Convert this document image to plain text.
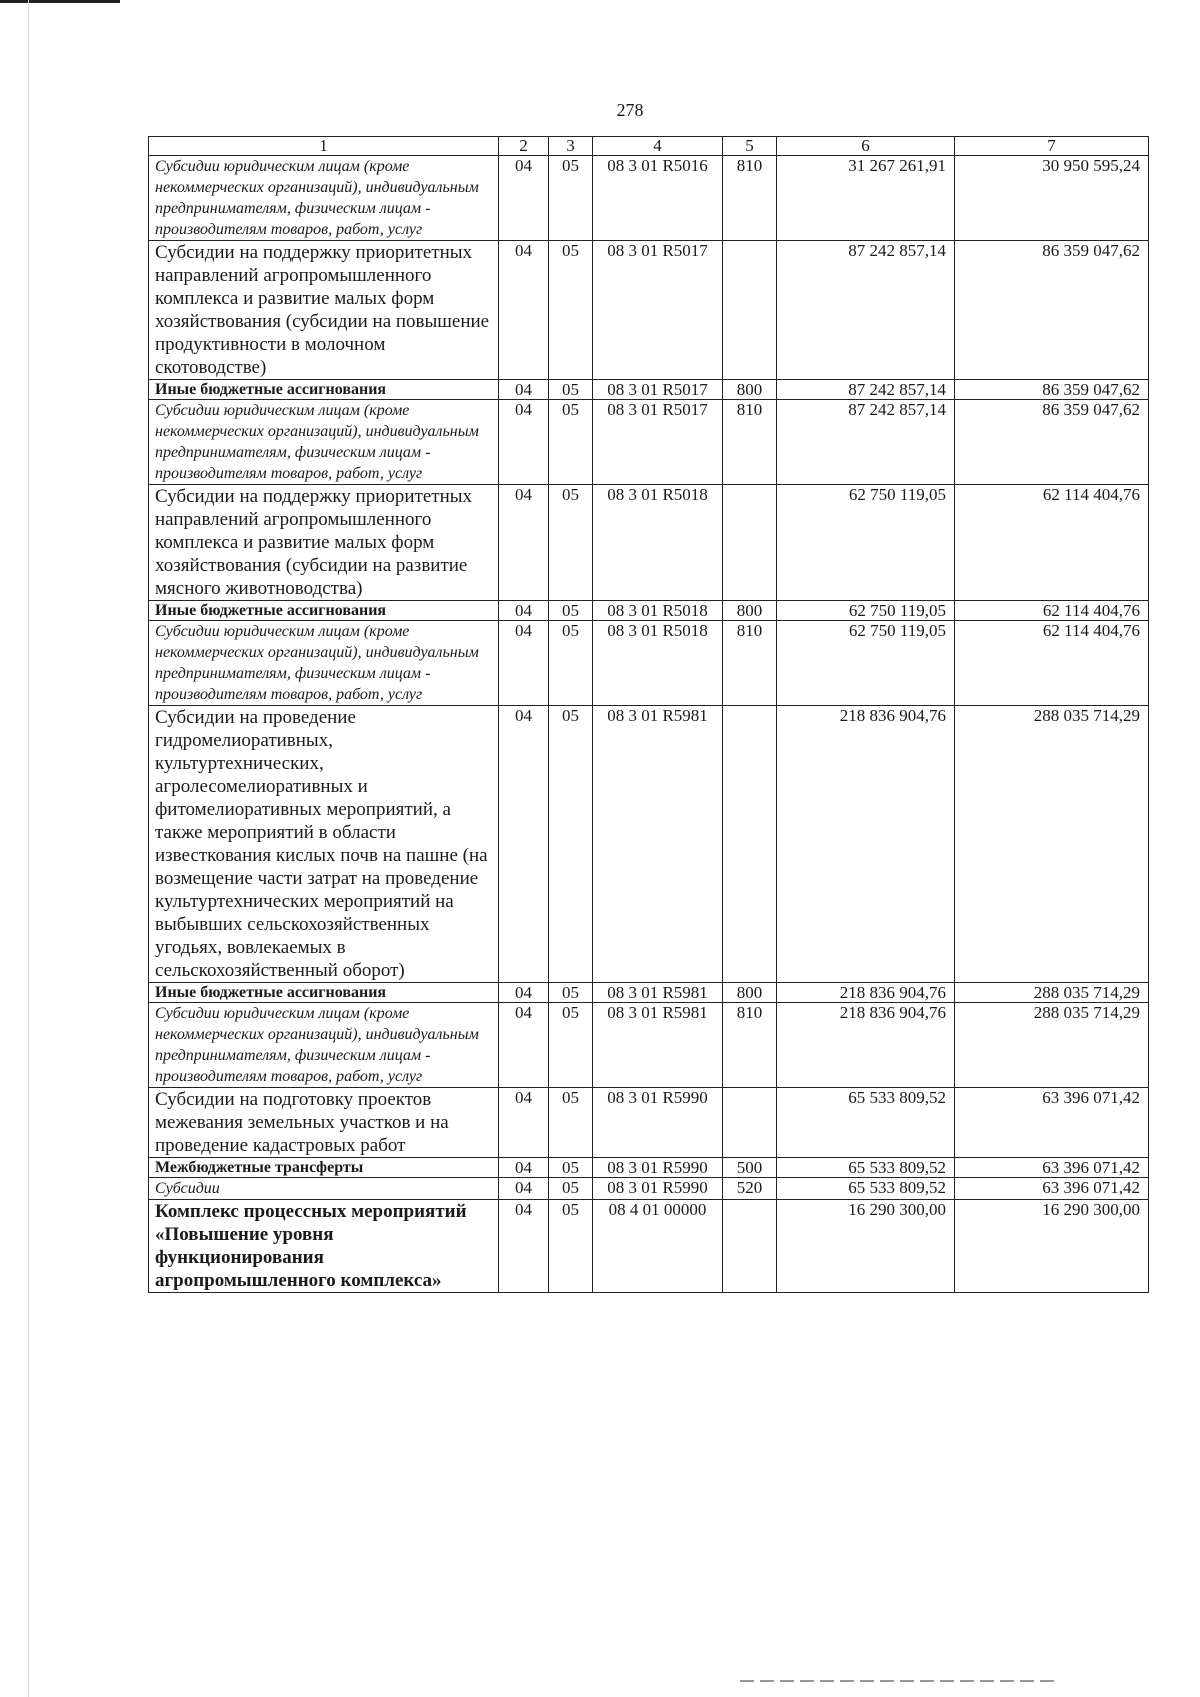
278
1	2	3	4	5	6	7
Субсидии юридическим лицам (кроме некоммерческих организаций), индивидуальным предпринимателям, физическим лицам - производителям товаров, работ, услуг	04	05	08 3 01 R5016	810	31 267 261,91	30 950 595,24
Субсидии на поддержку приоритетных направлений агропромышленного комплекса и развитие малых форм хозяйствования (субсидии на повышение продуктивности в молочном скотоводстве)	04	05	08 3 01 R5017		87 242 857,14	86 359 047,62
Иные бюджетные ассигнования	04	05	08 3 01 R5017	800	87 242 857,14	86 359 047,62
Субсидии юридическим лицам (кроме некоммерческих организаций), индивидуальным предпринимателям, физическим лицам - производителям товаров, работ, услуг	04	05	08 3 01 R5017	810	87 242 857,14	86 359 047,62
Субсидии на поддержку приоритетных направлений агропромышленного комплекса и развитие малых форм хозяйствования (субсидии на развитие мясного животноводства)	04	05	08 3 01 R5018		62 750 119,05	62 114 404,76
Иные бюджетные ассигнования	04	05	08 3 01 R5018	800	62 750 119,05	62 114 404,76
Субсидии юридическим лицам (кроме некоммерческих организаций), индивидуальным предпринимателям, физическим лицам - производителям товаров, работ, услуг	04	05	08 3 01 R5018	810	62 750 119,05	62 114 404,76
Субсидии на проведение гидромелиоративных, культуртехнических, агролесомелиоративных и фитомелиоративных мероприятий, а также мероприятий в области известкования кислых почв на пашне (на возмещение части затрат на проведение культуртехнических мероприятий на выбывших сельскохозяйственных угодьях, вовлекаемых в сельскохозяйственный оборот)	04	05	08 3 01 R5981		218 836 904,76	288 035 714,29
Иные бюджетные ассигнования	04	05	08 3 01 R5981	800	218 836 904,76	288 035 714,29
Субсидии юридическим лицам (кроме некоммерческих организаций), индивидуальным предпринимателям, физическим лицам - производителям товаров, работ, услуг	04	05	08 3 01 R5981	810	218 836 904,76	288 035 714,29
Субсидии на подготовку проектов межевания земельных участков и на проведение кадастровых работ	04	05	08 3 01 R5990		65 533 809,52	63 396 071,42
Межбюджетные трансферты	04	05	08 3 01 R5990	500	65 533 809,52	63 396 071,42
Субсидии	04	05	08 3 01 R5990	520	65 533 809,52	63 396 071,42
Комплекс процессных мероприятий «Повышение уровня функционирования агропромышленного комплекса»	04	05	08 4 01 00000		16 290 300,00	16 290 300,00
